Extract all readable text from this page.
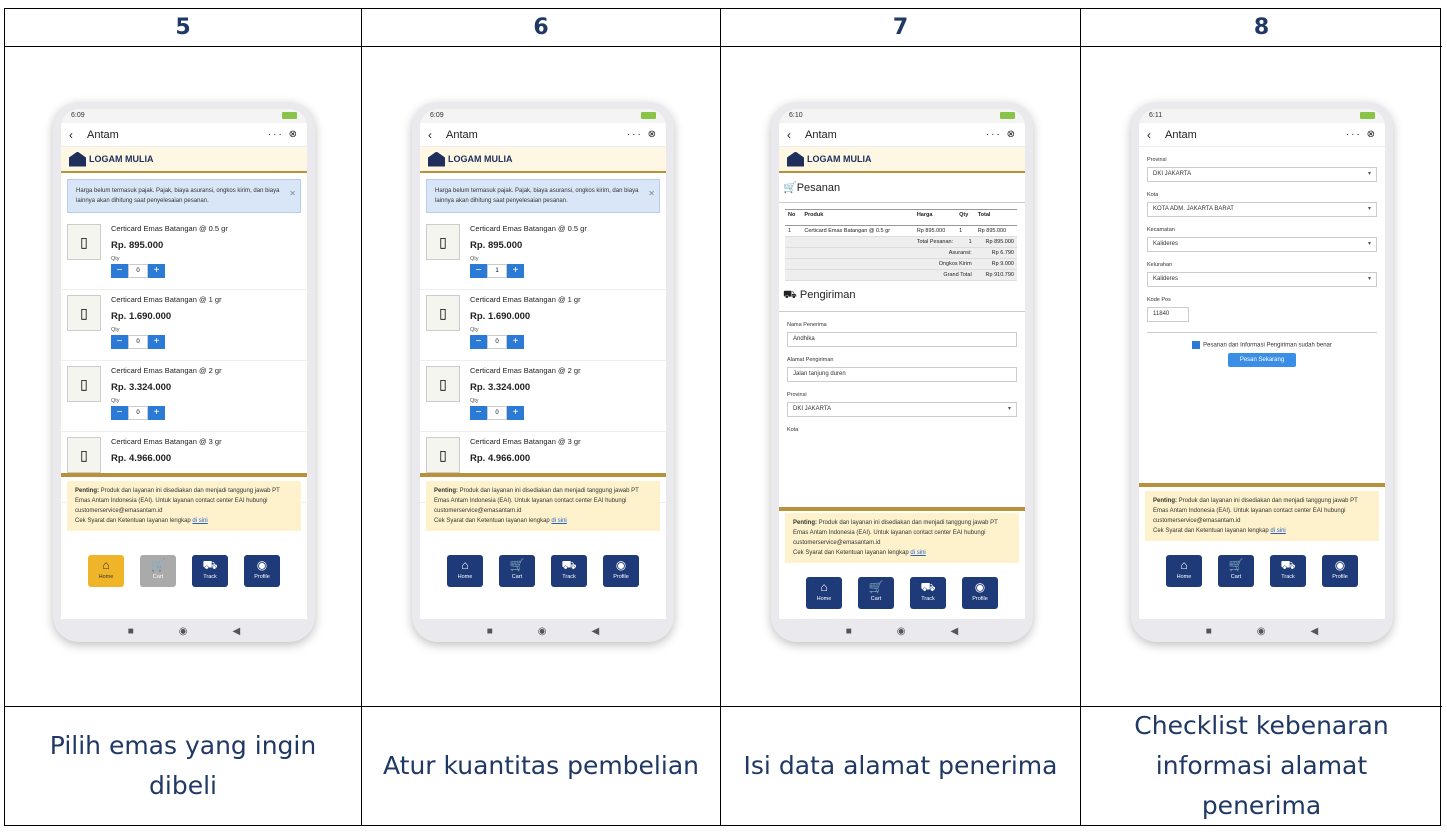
5
6:09
‹	Antam	··· ⊗
LOGAM MULIA
Harga belum termasuk pajak. Pajak, biaya asuransi, ongkos kirim, dan biaya lainnya akan dihitung saat penyelesaian pesanan.
✕
▯
Certicard Emas Batangan @ 0.5 gr
Rp. 895.000
Qty
−	0	+
▯
Certicard Emas Batangan @ 1 gr
Rp. 1.690.000
Qty
−	0	+
▯
Certicard Emas Batangan @ 2 gr
Rp. 3.324.000
Qty
−	0	+
▯
Certicard Emas Batangan @ 3 gr
Rp. 4.966.000
Penting: Produk dan layanan ini disediakan dan menjadi tanggung jawab PT Emas Antam Indonesia (EAI). Untuk layanan contact center EAI hubungi customerservice@emasantam.id
Cek Syarat dan Ketentuan layanan lengkap di sini
⌂
Home
🛒
Cart
⛟
Track
◉
Profile
■	◉	◀
Pilih emas yang ingin dibeli
6
6:09
‹	Antam	··· ⊗
LOGAM MULIA
Harga belum termasuk pajak. Pajak, biaya asuransi, ongkos kirim, dan biaya lainnya akan dihitung saat penyelesaian pesanan.
✕
▯
Certicard Emas Batangan @ 0.5 gr
Rp. 895.000
Qty
−	1	+
▯
Certicard Emas Batangan @ 1 gr
Rp. 1.690.000
Qty
−	0	+
▯
Certicard Emas Batangan @ 2 gr
Rp. 3.324.000
Qty
−	0	+
▯
Certicard Emas Batangan @ 3 gr
Rp. 4.966.000
Penting: Produk dan layanan ini disediakan dan menjadi tanggung jawab PT Emas Antam Indonesia (EAI). Untuk layanan contact center EAI hubungi customerservice@emasantam.id
Cek Syarat dan Ketentuan layanan lengkap di sini
⌂
Home
🛒
Cart
⛟
Track
◉
Profile
■	◉	◀
Atur kuantitas pembelian
7
6:10
‹	Antam	··· ⊗
LOGAM MULIA
🛒Pesanan
No	Produk	Harga	Qty	Total
1	Certicard Emas Batangan @ 0.5 gr	Rp 895.000	1	Rp 895.000
Total Pesanan:			1	Rp 895.000
Asuransi:				Rp 6.790
Ongkos Kirim				Rp 9.000
Grand Total				Rp 910.790
⛟ Pengiriman
Nama Penerima
Andhika
Alamat Pengiriman
Jalan tanjung duren
Provinsi
DKI JAKARTA	▾
Kota
Penting: Produk dan layanan ini disediakan dan menjadi tanggung jawab PT Emas Antam Indonesia (EAI). Untuk layanan contact center EAI hubungi customerservice@emasantam.id
Cek Syarat dan Ketentuan layanan lengkap di sini
⌂
Home
🛒
Cart
⛟
Track
◉
Profile
■	◉	◀
Isi data alamat penerima
8
6:11
‹	Antam	··· ⊗
Provinsi
DKI JAKARTA	▾
Kota
KOTA ADM. JAKARTA BARAT	▾
Kecamatan
Kalideres	▾
Kelurahan
Kalideres	▾
Kode Pos
11840
Pesanan dan Informasi Pengiriman sudah benar
Pesan Sekarang
Penting: Produk dan layanan ini disediakan dan menjadi tanggung jawab PT Emas Antam Indonesia (EAI). Untuk layanan contact center EAI hubungi customerservice@emasantam.id
Cek Syarat dan Ketentuan layanan lengkap di sini
⌂
Home
🛒
Cart
⛟
Track
◉
Profile
■	◉	◀
Checklist kebenaran informasi alamat penerima
